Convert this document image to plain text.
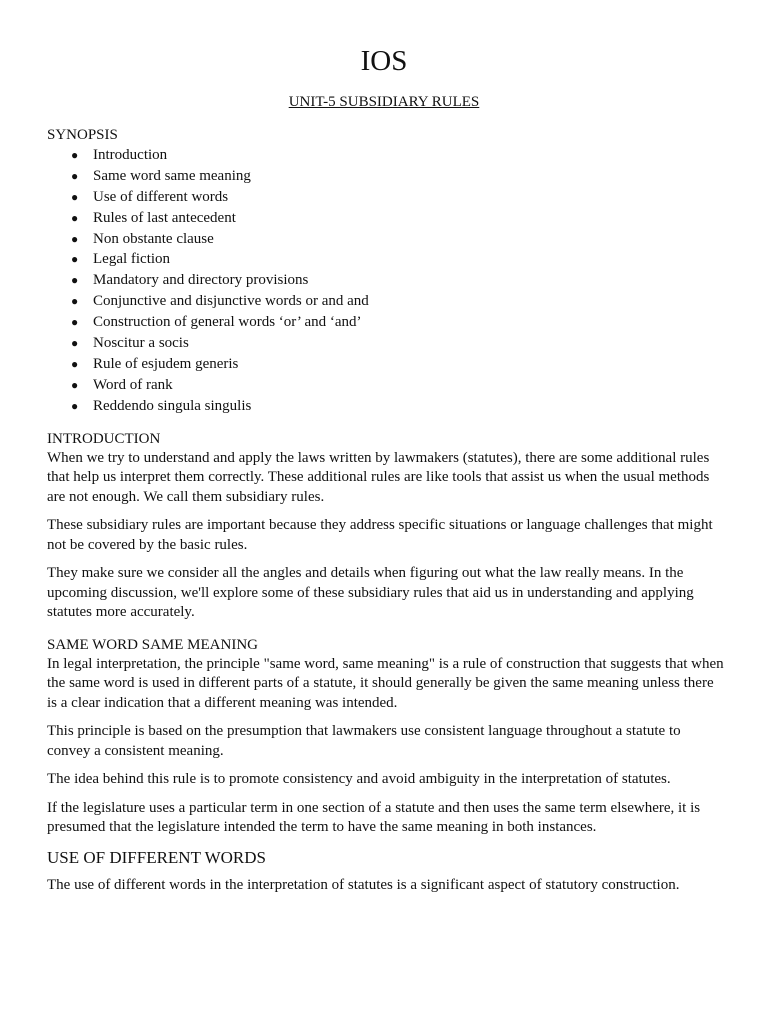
IOS

UNIT-5 SUBSIDIARY RULES

SYNOPSIS

● Introduction
● Same word same meaning
● Use of different words
● Rules of last antecedent
● Non obstante clause
● Legal fiction
● Mandatory and directory provisions
● Conjunctive and disjunctive words or and and
● Construction of general words ‘or’ and ‘and’
● Noscitur a socis
● Rule of esjudem generis
● Word of rank
● Reddendo singula singulis

INTRODUCTION

When we try to understand and apply the laws written by lawmakers (statutes), there are some additional rules that help us interpret them correctly. These additional rules are like tools that assist us when the usual methods are not enough. We call them subsidiary rules.

These subsidiary rules are important because they address specific situations or language challenges that might not be covered by the basic rules.

They make sure we consider all the angles and details when figuring out what the law really means. In the upcoming discussion, we'll explore some of these subsidiary rules that aid us in understanding and applying statutes more accurately.

SAME WORD SAME MEANING

In legal interpretation, the principle "same word, same meaning" is a rule of construction that suggests that when the same word is used in different parts of a statute, it should generally be given the same meaning unless there is a clear indication that a different meaning was intended.

This principle is based on the presumption that lawmakers use consistent language throughout a statute to convey a consistent meaning.

The idea behind this rule is to promote consistency and avoid ambiguity in the interpretation of statutes.

If the legislature uses a particular term in one section of a statute and then uses the same term elsewhere, it is presumed that the legislature intended the term to have the same meaning in both instances.

USE OF DIFFERENT WORDS

The use of different words in the interpretation of statutes is a significant aspect of statutory construction.
